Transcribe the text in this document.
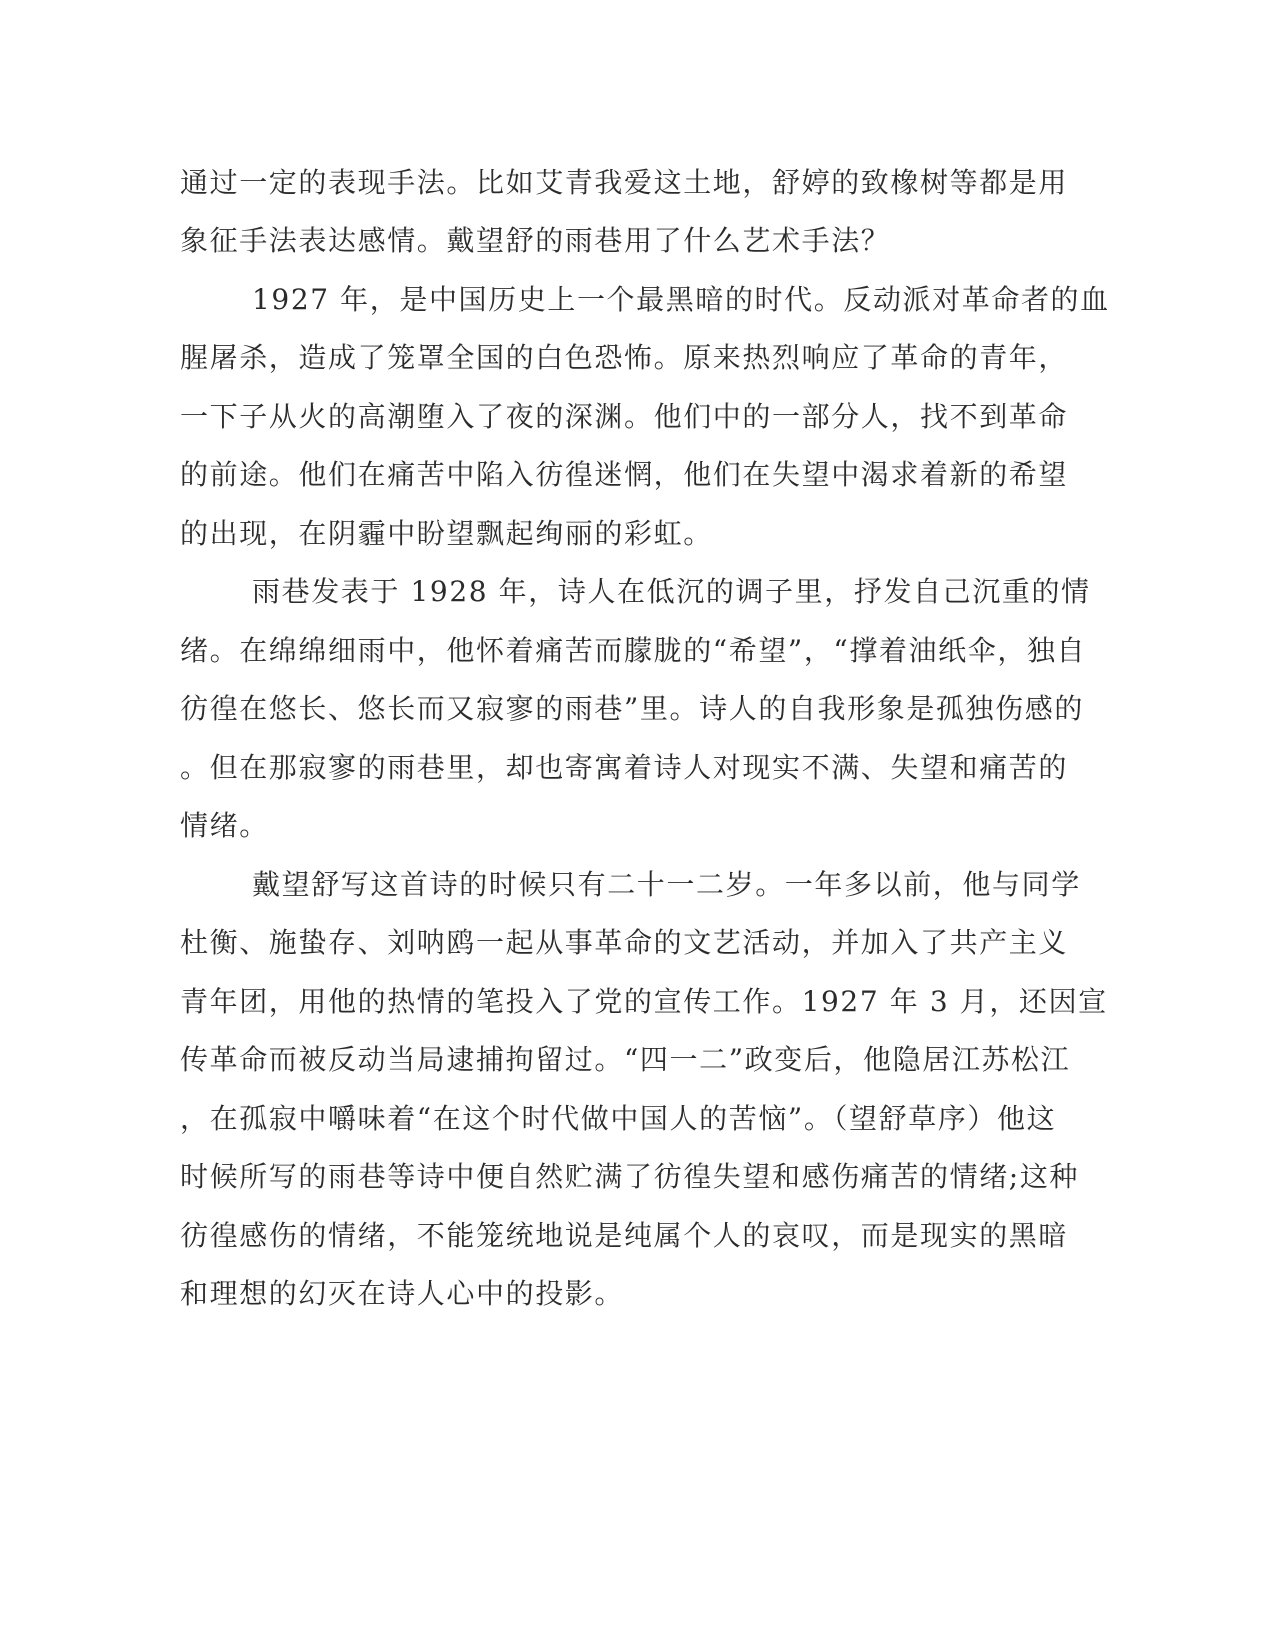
通过一定的表现手法。比如艾青我爱这土地，舒婷的致橡树等都是用
象征手法表达感情。戴望舒的雨巷用了什么艺术手法？
1927 年，是中国历史上一个最黑暗的时代。反动派对革命者的血
腥屠杀，造成了笼罩全国的白色恐怖。原来热烈响应了革命的青年，
一下子从火的高潮堕入了夜的深渊。他们中的一部分人，找不到革命
的前途。他们在痛苦中陷入彷徨迷惘，他们在失望中渴求着新的希望
的出现，在阴霾中盼望飘起绚丽的彩虹。
雨巷发表于 1928 年，诗人在低沉的调子里，抒发自己沉重的情
绪。在绵绵细雨中，他怀着痛苦而朦胧的“希望”，“撑着油纸伞，独自
彷徨在悠长、悠长而又寂寥的雨巷”里。诗人的自我形象是孤独伤感的
。但在那寂寥的雨巷里，却也寄寓着诗人对现实不满、失望和痛苦的
情绪。
戴望舒写这首诗的时候只有二十一二岁。一年多以前，他与同学
杜衡、施蛰存、刘呐鸥一起从事革命的文艺活动，并加入了共产主义
青年团，用他的热情的笔投入了党的宣传工作。1927 年 3 月，还因宣
传革命而被反动当局逮捕拘留过。“四一二”政变后，他隐居江苏松江
，在孤寂中嚼味着“在这个时代做中国人的苦恼”。（望舒草序）他这
时候所写的雨巷等诗中便自然贮满了彷徨失望和感伤痛苦的情绪;这种
彷徨感伤的情绪，不能笼统地说是纯属个人的哀叹，而是现实的黑暗
和理想的幻灭在诗人心中的投影。
